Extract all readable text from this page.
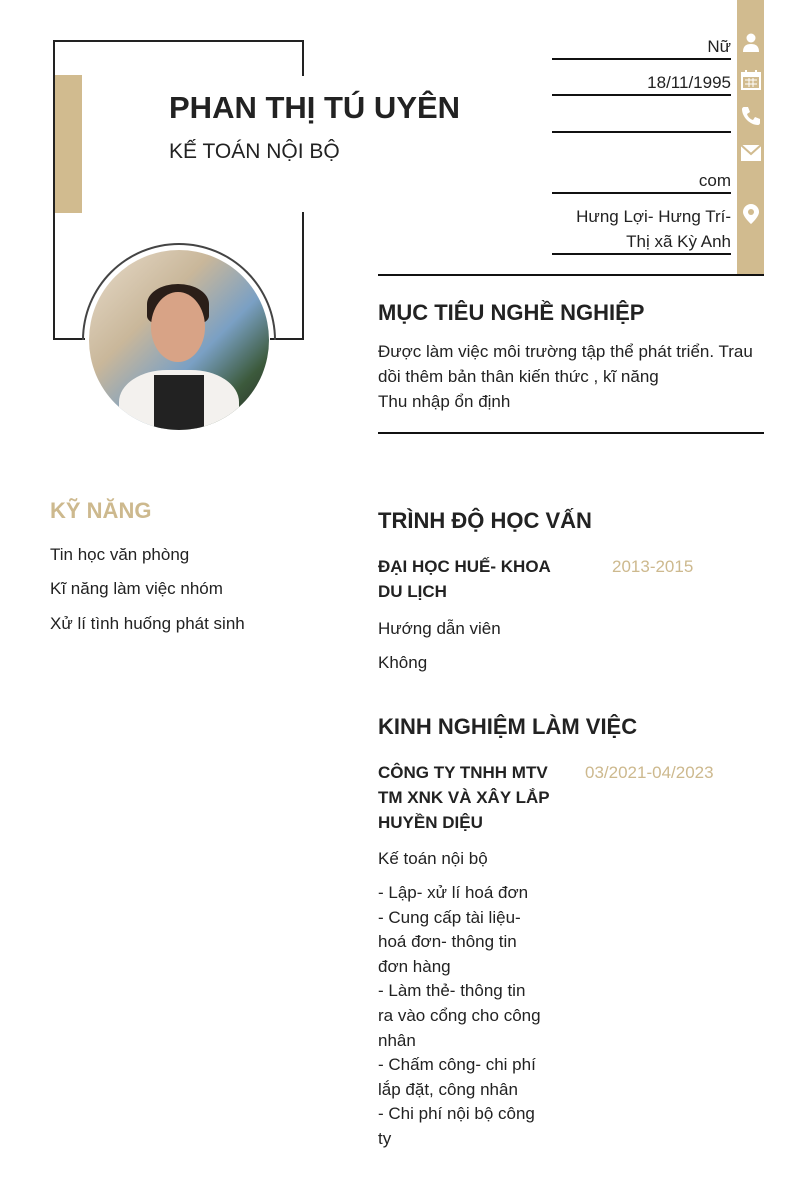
PHAN THỊ TÚ UYÊN
KẾ TOÁN NỘI BỘ
Nữ
18/11/1995
com
Hưng Lợi- Hưng Trí-
Thị xã Kỳ Anh
MỤC TIÊU NGHỀ NGHIỆP
Được làm việc môi trường tập thể phát triển. Trau
dồi thêm bản thân kiến thức , kĩ năng
Thu nhập ổn định
KỸ NĂNG
Tin học văn phòng
Kĩ năng làm việc nhóm
Xử lí tình huống phát sinh
TRÌNH ĐỘ HỌC VẤN
ĐẠI HỌC HUẾ- KHOA
DU LỊCH
2013-2015
Hướng dẫn viên
Không
KINH NGHIỆM LÀM VIỆC
CÔNG TY TNHH MTV
TM XNK VÀ XÂY LẮP
HUYỀN DIỆU
03/2021-04/2023
Kế toán nội bộ
- Lập- xử lí hoá đơn
- Cung cấp tài liệu-
hoá đơn- thông tin
đơn hàng
- Làm thẻ- thông tin
ra vào cổng cho công
nhân
- Chấm công- chi phí
lắp đặt, công nhân
- Chi phí nội bộ công
ty
